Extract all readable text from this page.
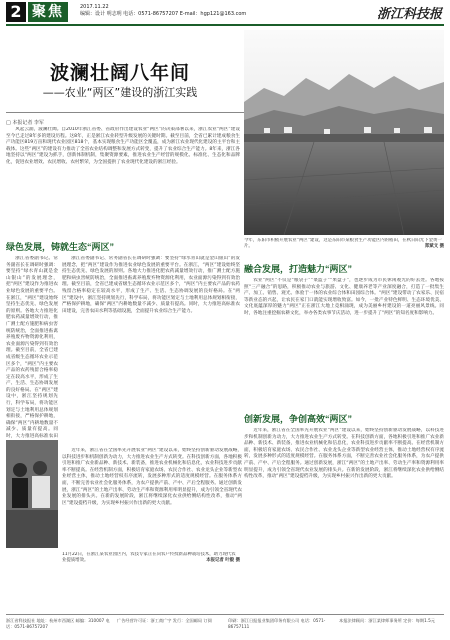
2 聚焦	2017.11.22
编辑：设计 明志明 电话：0571-86757207 E-mail：hgp121@163.com	浙江科技报
波澜壮阔八年间
——农业“两区”建设的浙江实践
□ 本报记者 李军

风起云涌，波澜壮阔。自2010年浙江省委、省政府作出建设农业“两区”的决策部署以来，浙江农业“两区”建设至今已走过8年多的建设历程。这8年，正是浙江农业转型升级发展的关键时期。截至目前，全省已累计建成粮食生产功能区819万亩和现代农业园区818个，基本实现粮食生产功能区全覆盖，成为浙江农业现代化建设的主平台和主载体。这些“两区”的建设有力推动了全省农业结构调整和发展方式转变，提升了农业综合生产能力。8年来，浙江各地坚持以“两区”建设为抓手，创新体制机制，集聚资源要素，推进农业生产经营的规模化、标准化、生态化和品牌化，促进农业增效、农民增收、农村繁荣，为全国提供了农业现代化建设的浙江经验。

今年，东阳市积极开展农业“两区”建设，这是东阳市某粮食生产功能区内的稻田，在秋日阳光下金黄一片。	郑斌文 摄
绿色发展，铸就生态“两区”

浙江省委副书记、常务副省长在调研时强调：要坚持“绿水青山就是金山银山”的发展理念，把“两区”建设作为推进农业绿色发展的重要平台。在浙江，“两区”建设始终坚持生态优先、绿色发展的原则。各地大力推进化肥农药减量增效行动，推广测土配方施肥和病虫害统防统治，全面推进畜禽养殖废弃物资源化利用，农业面源污染得到有效治理。截至目前，全省已建成省级生态循环农业示范区多个，“两区”内主要农产品的农药残留合格率稳定在较高水平，形成了生产、生活、生态协调发展的良好格局。在“两区”建设中，浙江坚持规划先行，科学布局，将功能区划定与土地利用总体规划相衔接，严格保护耕地，确保“两区”内耕地数量不减少、质量有提高。同时，大力推进高标准农田

浙江省委副书记、常务副省长在调研时强调：要坚持“绿水青山就是金山银山”的发展理念，把“两区”建设作为推进农业绿色发展的重要平台。在浙江，“两区”建设始终坚持生态优先、绿色发展的原则。各地大力推进化肥农药减量增效行动，推广测土配方施肥和病虫害统防统治，全面推进畜禽养殖废弃物资源化利用，农业面源污染得到有效治理。截至目前，全省已建成省级生态循环农业示范区多个，“两区”内主要农产品的农药残留合格率稳定在较高水平，形成了生产、生活、生态协调发展的良好格局。在“两区”建设中，浙江坚持规划先行，科学布局，将功能区划定与土地利用总体规划相衔接，严格保护耕地，确保“两区”内耕地数量不减少、质量有提高。同时，大力推进高标准农田建设，完善农田水利等基础设施，全面提升农业综合生产能力。

融合发展，打造魅力“两区”

农业“两区”不仅是“粮袋子”“菜篮子”“果盘子”，也逐步成为市民休闲观光的好去处。各地按照“三产融合”的思路，积极推动农业与旅游、文化、健康养老等产业深度融合，打造了一批集生产、加工、销售、观光、体验于一体的农业综合体和田园综合体。“两区”建设带动了农家乐、民宿等新业态的兴起，让农民在家门口就能实现增收致富。如今，一批产业特色鲜明、生态环境优美、文化底蕴深厚的魅力“两区”正在浙江大地上竞相涌现，成为美丽乡村建设的一道亮丽风景线。同时，各地注重挖掘农耕文化，举办各类农事节庆活动，进一步提升了“两区”的知名度和影响力。

创新发展，争创高效“两区”

近年来，浙江省在全国率先开展农业“两区”建设以来，始终坚持创新驱动发展战略，以科技进步和机制创新为动力，大力推进农业生产方式转变。在科技创新方面，各地积极引进和推广农业新品种、新技术、新装备，推进农业机械化和信息化，农业科技进步贡献率不断提高。在经营机制方面，积极培育家庭农场、农民合作社、农业龙头企业等新型农业经营主体，推动土地经营权有序流转，发展多种形式的适度规模经营。在服务体系方面，不断完善农业社会化服务体系，为农户提供产前、产中、产后全程服务。通过创新发展，浙江“两区”的土地产出率、劳动生产率和资源利用率明显提升，成为引领全省现代农业发展的排头兵。在新的发展阶段，浙江将继续深化农业供给侧结构性改革，推动“两区”建设提档升级，为实现乡村振兴作出新的更大贡献。

近年来，浙江省在全国率先开展农业“两区”建设以来，始终坚持创新驱动发展战略，以科技进步和机制创新为动力，大力推进农业生产方式转变。在科技创新方面，各地积极引进和推广农业新品种、新技术、新装备，推进农业机械化和信息化，农业科技进步贡献率不断提高。在经营机制方面，积极培育家庭农场、农民合作社、农业龙头企业等新型农业经营主体，推动土地经营权有序流转，发展多种形式的适度规模经营。在服务体系方面，不断完善农业社会化服务体系，为农户提供产前、产中、产后全程服务。通过创新发展，浙江“两区”的土地产出率、劳动生产率和资源利用率明显提升，成为引领全省现代农业发展的排头兵。在新的发展阶段，浙江将继续深化农业供给侧结构性改革，推动“两区”建设提档升级，为实现乡村振兴作出新的更大贡献。

11月22日，在浙江某农业园区内，农技专家正在向农户传授新品种栽培技术，助力现代农业提质增效。	本报记者 叶毅 摄
浙江省科技报社 地址：杭州市西湖区 邮编：310007 电话：0571-86757207
广告经营许可证：浙工商广字 发行：全国邮局 订阅	印刷：浙江日报报业集团印务有限公司 电话：0571-86757111
本报法律顾问：浙江某律师事务所 定价：每期1.5元
